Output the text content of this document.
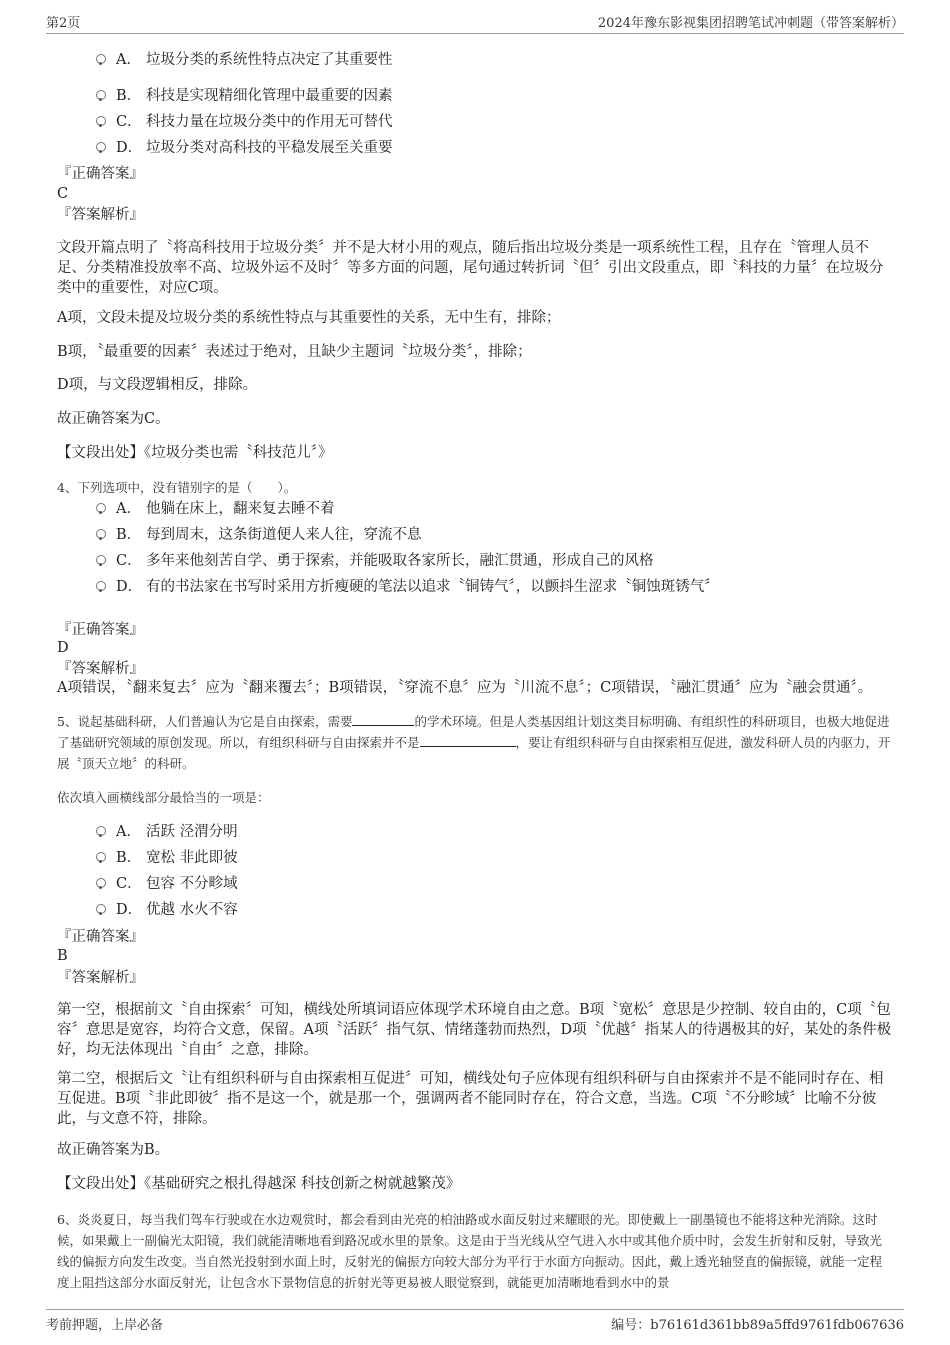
第2页	2024年豫东影视集团招聘笔试冲刺题（带答案解析）
A． 垃圾分类的系统性特点决定了其重要性
B． 科技是实现精细化管理中最重要的因素
C． 科技力量在垃圾分类中的作用无可替代
D． 垃圾分类对高科技的平稳发展至关重要
『正确答案』
C
『答案解析』
文段开篇点明了〝将高科技用于垃圾分类〞并不是大材小用的观点，随后指出垃圾分类是一项系统性工程，且存在〝管理人员不足、分类精准投放率不高、垃圾外运不及时〞等多方面的问题，尾句通过转折词〝但〞引出文段重点，即〝科技的力量〞在垃圾分类中的重要性，对应C项。
A项，文段未提及垃圾分类的系统性特点与其重要性的关系，无中生有，排除；
B项，〝最重要的因素〞表述过于绝对，且缺少主题词〝垃圾分类〞，排除；
D项，与文段逻辑相反，排除。
故正确答案为C。
【文段出处】《垃圾分类也需〝科技范儿〞》
4、下列选项中，没有错别字的是（　　）。
A． 他躺在床上，翻来复去睡不着
B． 每到周末，这条街道便人来人往，穿流不息
C． 多年来他刻苦自学、勇于探索，并能吸取各家所长，融汇贯通，形成自己的风格
D． 有的书法家在书写时采用方折瘦硬的笔法以追求〝铜铸气〞，以颤抖生涩求〝铜蚀斑锈气〞
『正确答案』
D
『答案解析』
A项错误，〝翻来复去〞应为〝翻来覆去〞；B项错误，〝穿流不息〞应为〝川流不息〞；C项错误，〝融汇贯通〞应为〝融会贯通〞。
5、说起基础科研，人们普遍认为它是自由探索，需要	的学术环境。但是人类基因组计划这类目标明确、有组织性的科研项目，也极大地促进了基础研究领域的原创发现。所以，有组织科研与自由探索并不是	，要让有组织科研与自由探索相互促进，激发科研人员的内驱力，开展〝顶天立地〞的科研。
依次填入画横线部分最恰当的一项是：
A． 活跃 泾渭分明
B． 宽松 非此即彼
C． 包容 不分畛域
D． 优越 水火不容
『正确答案』
B
『答案解析』
第一空，根据前文〝自由探索〞可知，横线处所填词语应体现学术环境自由之意。B项〝宽松〞意思是少控制、较自由的，C项〝包容〞意思是宽容，均符合文意，保留。A项〝活跃〞指气氛、情绪蓬勃而热烈，D项〝优越〞指某人的待遇极其的好，某处的条件极好，均无法体现出〝自由〞之意，排除。
第二空，根据后文〝让有组织科研与自由探索相互促进〞可知，横线处句子应体现有组织科研与自由探索并不是不能同时存在、相互促进。B项〝非此即彼〞指不是这一个，就是那一个，强调两者不能同时存在，符合文意，当选。C项〝不分畛域〞比喻不分彼此，与文意不符，排除。
故正确答案为B。
【文段出处】《基础研究之根扎得越深 科技创新之树就越繁茂》
6、炎炎夏日，每当我们驾车行驶或在水边观赏时，都会看到由光亮的柏油路或水面反射过来耀眼的光。即使戴上一副墨镜也不能将这种光消除。这时候，如果戴上一副偏光太阳镜，我们就能清晰地看到路况或水里的景象。这是由于当光线从空气进入水中或其他介质中时，会发生折射和反射，导致光线的偏振方向发生改变。当自然光投射到水面上时，反射光的偏振方向较大部分为平行于水面方向振动。因此，戴上透光轴竖直的偏振镜，就能一定程度上阻挡这部分水面反射光，让包含水下景物信息的折射光等更易被人眼觉察到，就能更加清晰地看到水中的景
考前押题，上岸必备	编号：b76161d361bb89a5ffd9761fdb067636
